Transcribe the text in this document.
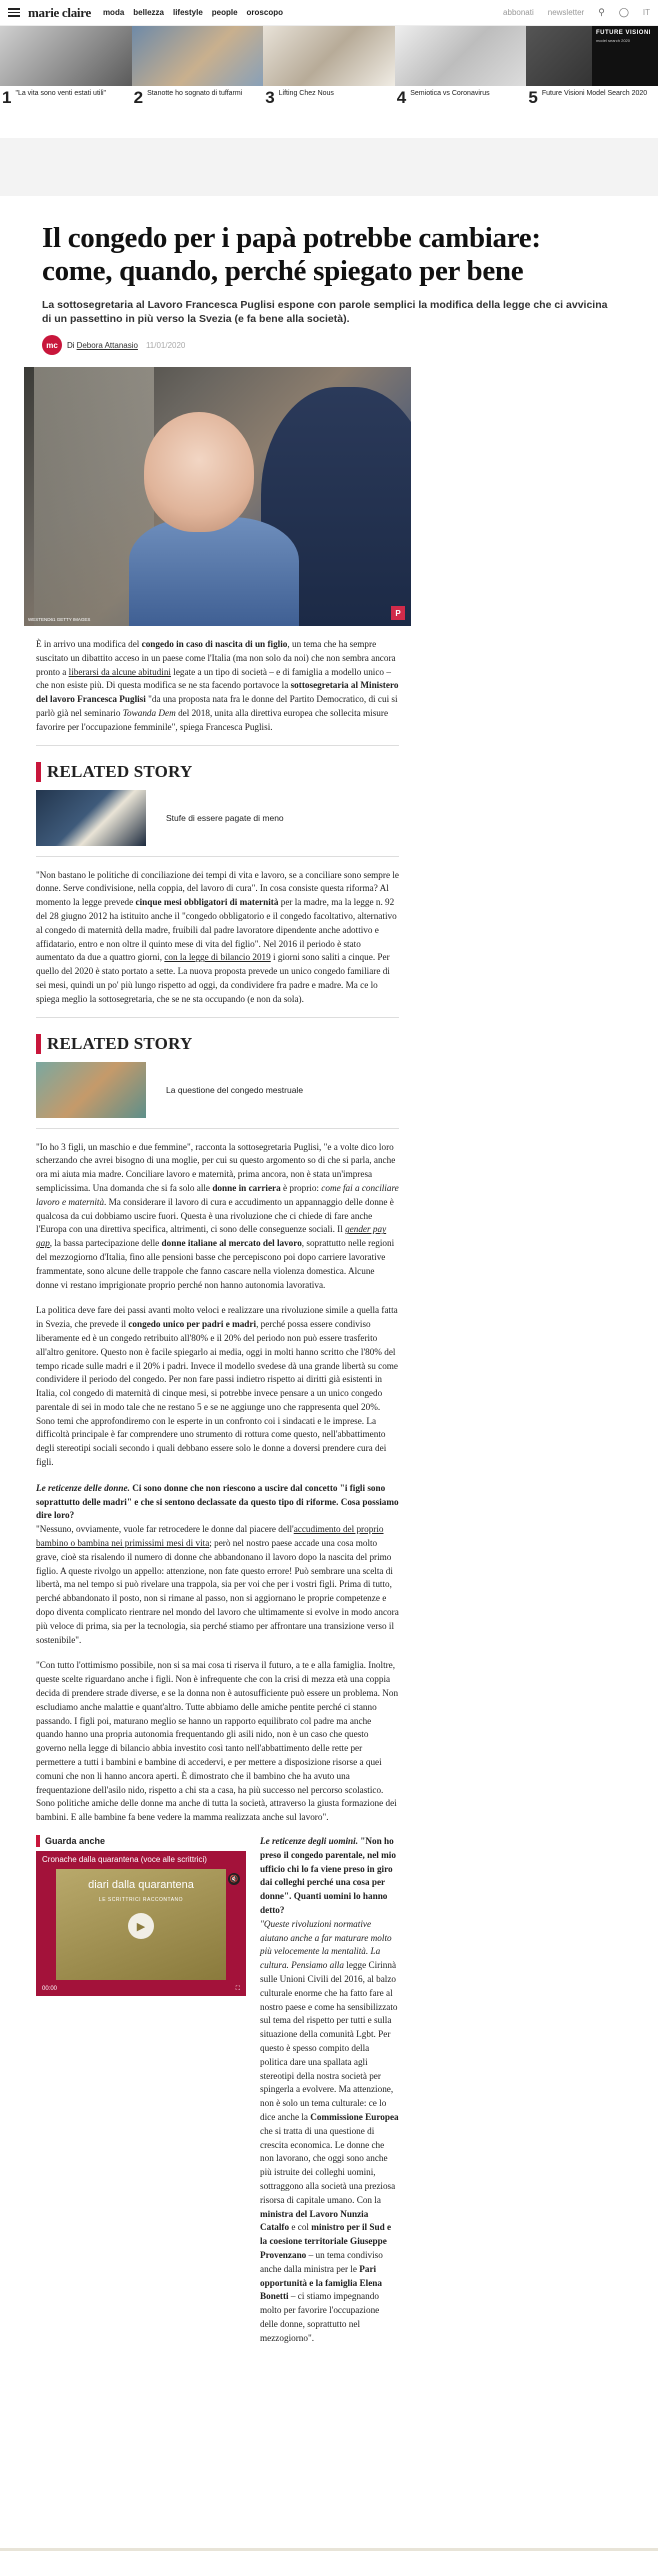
marie claire moda bellezza lifestyle people oroscopo	abbonati newsletter ⚲ ◯ IT
1 "La vita sono venti estati utili" 2 Stanotte ho sognato di tuffarmi 3 Lifting Chez Nous	4 Semiotica vs Coronavirus
FUTURE VISIONI
model search 2020
5 Future Visioni Model Search 2020
Il congedo per i papà potrebbe cambiare: come, quando, perché spiegato per bene

La sottosegretaria al Lavoro Francesca Puglisi espone con parole semplici la modifica della legge che ci avvicina di un passettino in più verso la Svezia (e fa bene alla società).

mc	Di Debora Attanasio 11/01/2020
WESTEND61 GETTY IMAGES
P

È in arrivo una modifica del congedo in caso di nascita di un figlio, un tema che ha sempre suscitato un dibattito acceso in un paese come l'Italia (ma non solo da noi) che non sembra ancora pronto a liberarsi da alcune abitudini legate a un tipo di società – e di famiglia a modello unico – che non esiste più. Di questa modifica se ne sta facendo portavoce la sottosegretaria al Ministero del lavoro Francesca Puglisi "da una proposta nata fra le donne del Partito Democratico, di cui si parlò già nel seminario Towanda Dem del 2018, unita alla direttiva europea che sollecita misure favorire per l'occupazione femminile", spiega Francesca Puglisi.

RELATED STORY
Stufe di essere pagate di meno

"Non bastano le politiche di conciliazione dei tempi di vita e lavoro, se a conciliare sono sempre le donne. Serve condivisione, nella coppia, del lavoro di cura". In cosa consiste questa riforma? Al momento la legge prevede cinque mesi obbligatori di maternità per la madre, ma la legge n. 92 del 28 giugno 2012 ha istituito anche il "congedo obbligatorio e il congedo facoltativo, alternativo al congedo di maternità della madre, fruibili dal padre lavoratore dipendente anche adottivo e affidatario, entro e non oltre il quinto mese di vita del figlio". Nel 2016 il periodo è stato aumentato da due a quattro giorni, con la legge di bilancio 2019 i giorni sono saliti a cinque. Per quello del 2020 è stato portato a sette. La nuova proposta prevede un unico congedo familiare di sei mesi, quindi un po' più lungo rispetto ad oggi, da condividere fra padre e madre. Ma ce lo spiega meglio la sottosegretaria, che se ne sta occupando (e non da sola).

RELATED STORY
La questione del congedo mestruale

"Io ho 3 figli, un maschio e due femmine", racconta la sottosegretaria Puglisi, "e a volte dico loro scherzando che avrei bisogno di una moglie, per cui su questo argomento so di che si parla, anche ora mi aiuta mia madre. Conciliare lavoro e maternità, prima ancora, non è stata un'impresa semplicissima. Una domanda che si fa solo alle donne in carriera è proprio: come fai a conciliare lavoro e maternità. Ma considerare il lavoro di cura e accudimento un appannaggio delle donne è qualcosa da cui dobbiamo uscire fuori. Questa è una rivoluzione che ci chiede di fare anche l'Europa con una direttiva specifica, altrimenti, ci sono delle conseguenze sociali. Il gender pay gap, la bassa partecipazione delle donne italiane al mercato del lavoro, soprattutto nelle regioni del mezzogiorno d'Italia, fino alle pensioni basse che percepiscono poi dopo carriere lavorative frammentate, sono alcune delle trappole che fanno cascare nella violenza domestica. Alcune donne vi restano imprigionate proprio perché non hanno autonomia lavorativa.

La politica deve fare dei passi avanti molto veloci e realizzare una rivoluzione simile a quella fatta in Svezia, che prevede il congedo unico per padri e madri, perché possa essere condiviso liberamente ed è un congedo retribuito all'80% e il 20% del periodo non può essere trasferito all'altro genitore. Questo non è facile spiegarlo ai media, oggi in molti hanno scritto che l'80% del tempo ricade sulle madri e il 20% i padri. Invece il modello svedese dà una grande libertà su come condividere il periodo del congedo. Per non fare passi indietro rispetto ai diritti già esistenti in Italia, col congedo di maternità di cinque mesi, si potrebbe invece pensare a un unico congedo parentale di sei in modo tale che ne restano 5 e se ne aggiunge uno che rappresenta quel 20%. Sono temi che approfondiremo con le esperte in un confronto coi i sindacati e le imprese. La difficoltà principale è far comprendere uno strumento di rottura come questo, nell'abbattimento degli stereotipi sociali secondo i quali debbano essere solo le donne a doversi prendere cura dei figli.

Le reticenze delle donne. Ci sono donne che non riescono a uscire dal concetto "i figli sono soprattutto delle madri" e che si sentono declassate da questo tipo di riforme. Cosa possiamo dire loro?
"Nessuno, ovviamente, vuole far retrocedere le donne dal piacere dell'accudimento del proprio bambino o bambina nei primissimi mesi di vita; però nel nostro paese accade una cosa molto grave, cioè sta risalendo il numero di donne che abbandonano il lavoro dopo la nascita del primo figlio. A queste rivolgo un appello: attenzione, non fate questo errore! Può sembrare una scelta di libertà, ma nel tempo si può rivelare una trappola, sia per voi che per i vostri figli. Prima di tutto, perché abbandonato il posto, non si rimane al passo, non si aggiornano le proprie competenze e dopo diventa complicato rientrare nel mondo del lavoro che ultimamente si evolve in modo ancora più veloce di prima, sia per la tecnologia, sia perché stiamo per affrontare una transizione verso il sostenibile".

"Con tutto l'ottimismo possibile, non si sa mai cosa ti riserva il futuro, a te e alla famiglia. Inoltre, queste scelte riguardano anche i figli. Non è infrequente che con la crisi di mezza età una coppia decida di prendere strade diverse, e se la donna non è autosufficiente può essere un problema. Non escludiamo anche malattie e quant'altro. Tutte abbiamo delle amiche pentite perché ci stanno passando. I figli poi, maturano meglio se hanno un rapporto equilibrato col padre ma anche quando hanno una propria autonomia frequentando gli asili nido, non è un caso che questo governo nella legge di bilancio abbia investito così tanto nell'abbattimento delle rette per permettere a tutti i bambini e bambine di accedervi, e per mettere a disposizione risorse a quei comuni che non li hanno ancora aperti. È dimostrato che il bambino che ha avuto una frequentazione dell'asilo nido, rispetto a chi sta a casa, ha più successo nel percorso scolastico. Sono politiche amiche delle donne ma anche di tutta la società, attraverso la giusta formazione dei bambini. E alle bambine fa bene vedere la mamma realizzata anche sul lavoro".

Guarda anche
Cronache dalla quarantena (voce alle scrittrici)
diari dalla quarantena
LE SCRITTRICI RACCONTANO
▶
🔇
00:00	⛶

Le reticenze degli uomini. "Non ho preso il congedo parentale, nel mio ufficio chi lo fa viene preso in giro dai colleghi perché una cosa per donne". Quanti uomini lo hanno detto?
"Queste rivoluzioni normative aiutano anche a far maturare molto più velocemente la mentalità. La cultura. Pensiamo alla legge Cirinnà sulle Unioni Civili del 2016, al balzo culturale enorme che ha fatto fare al nostro paese e come ha sensibilizzato sul tema del rispetto per tutti e sulla situazione della comunità Lgbt. Per questo è spesso compito della politica dare una spallata agli stereotipi della nostra società per spingerla a evolvere. Ma attenzione, non è solo un tema culturale: ce lo dice anche la Commissione Europea che si tratta di una questione di crescita economica. Le donne che non lavorano, che oggi sono anche più istruite dei colleghi uomini, sottraggono alla società una preziosa risorsa di capitale umano. Con la ministra del Lavoro Nunzia Catalfo e col ministro per il Sud e la coesione territoriale Giuseppe Provenzano – un tema condiviso anche dalla ministra per le Pari opportunità e la famiglia Elena Bonetti – ci stiamo impegnando molto per favorire l'occupazione delle donne, soprattutto nel mezzogiorno".
